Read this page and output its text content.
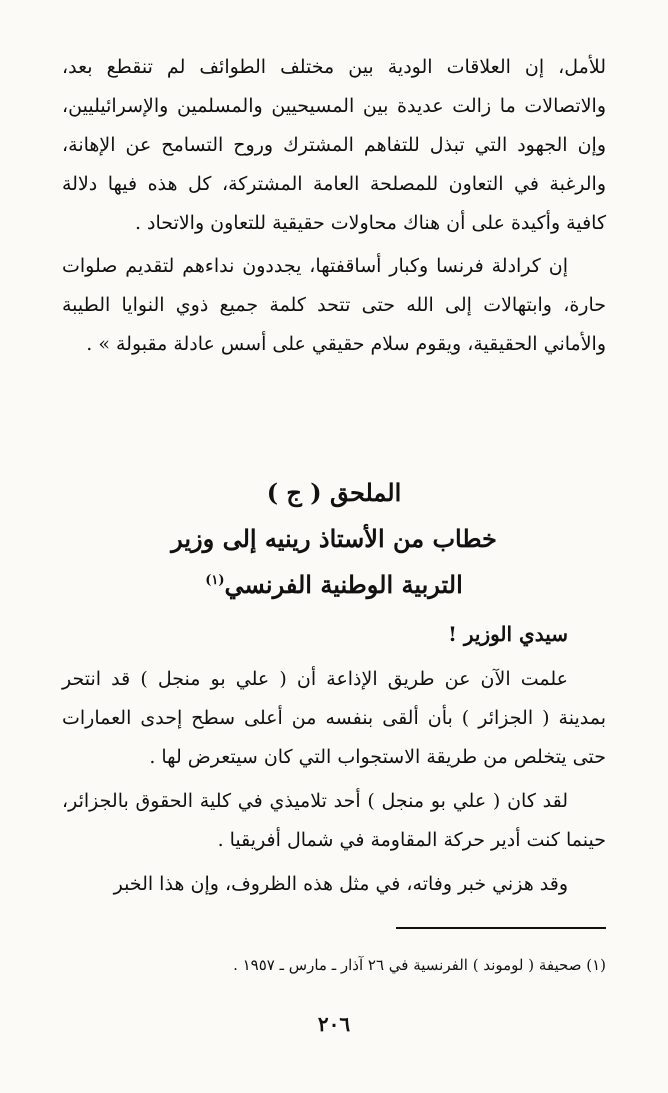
للأمل، إن العلاقات الودية بين مختلف الطوائف لم تنقطع بعد، والاتصالات ما زالت عديدة بين المسيحيين والمسلمين والإسرائيليين، وإن الجهود التي تبذل للتفاهم المشترك وروح التسامح عن الإهانة، والرغبة في التعاون للمصلحة العامة المشتركة، كل هذه فيها دلالة كافية وأكيدة على أن هناك محاولات حقيقية للتعاون والاتحاد .

إن كرادلة فرنسا وكبار أساقفتها، يجددون نداءهم لتقديم صلوات حارة، وابتهالات إلى الله حتى تتحد كلمة جميع ذوي النوايا الطيبة والأماني الحقيقية، ويقوم سلام حقيقي على أسس عادلة مقبولة » .

الملحق ( ج )
خطاب من الأستاذ رينيه إلى وزير
التربية الوطنية الفرنسي$^{(١)}$

سيدي الوزير !

علمت الآن عن طريق الإذاعة أن ( علي بو منجل ) قد انتحر بمدينة ( الجزائر ) بأن ألقى بنفسه من أعلى سطح إحدى العمارات حتى يتخلص من طريقة الاستجواب التي كان سيتعرض لها .

لقد كان ( علي بو منجل ) أحد تلاميذي في كلية الحقوق بالجزائر، حينما كنت أدير حركة المقاومة في شمال أفريقيا .

وقد هزني خبر وفاته، في مثل هذه الظروف، وإن هذا الخبر

(١) صحيفة ( لوموند ) الفرنسية في ٢٦ آذار ـ مارس ـ ١٩٥٧ .
٢٠٦
